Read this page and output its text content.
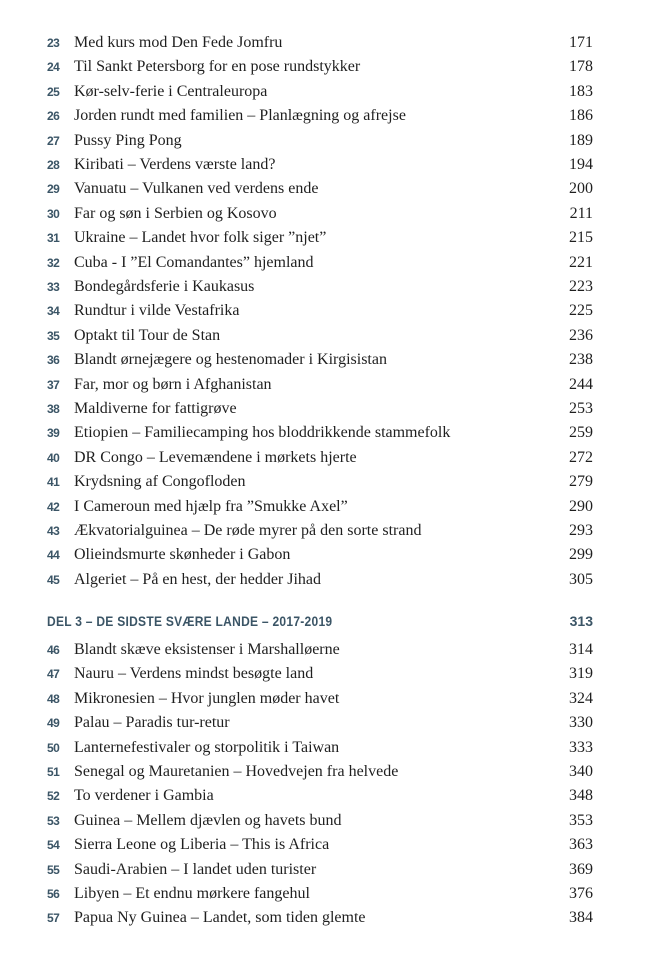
23 Med kurs mod Den Fede Jomfru	171
24 Til Sankt Petersborg for en pose rundstykker	178
25 Kør-selv-ferie i Centraleuropa	183
26 Jorden rundt med familien – Planlægning og afrejse	186
27 Pussy Ping Pong	189
28 Kiribati – Verdens værste land?	194
29 Vanuatu – Vulkanen ved verdens ende	200
30 Far og søn i Serbien og Kosovo	211
31 Ukraine – Landet hvor folk siger ”njet”	215
32 Cuba - I ”El Comandantes” hjemland	221
33 Bondegårdsferie i Kaukasus	223
34 Rundtur i vilde Vestafrika	225
35 Optakt til Tour de Stan	236
36 Blandt ørnejægere og hestenomader i Kirgisistan	238
37 Far, mor og børn i Afghanistan	244
38 Maldiverne for fattigrøve	253
39 Etiopien – Familiecamping hos bloddrikkende stammefolk	259
40 DR Congo – Levemændene i mørkets hjerte	272
41 Krydsning af Congofloden	279
42 I Cameroun med hjælp fra ”Smukke Axel”	290
43 Ækvatorialguinea – De røde myrer på den sorte strand	293
44 Olieindsmurte skønheder i Gabon	299
45 Algeriet – På en hest, der hedder Jihad	305
DEL 3 – DE SIDSTE SVÆRE LANDE – 2017-2019	313
46 Blandt skæve eksistenser i Marshalløerne	314
47 Nauru – Verdens mindst besøgte land	319
48 Mikronesien – Hvor junglen møder havet	324
49 Palau – Paradis tur-retur	330
50 Lanternefestivaler og storpolitik i Taiwan	333
51 Senegal og Mauretanien – Hovedvejen fra helvede	340
52 To verdener i Gambia	348
53 Guinea – Mellem djævlen og havets bund	353
54 Sierra Leone og Liberia – This is Africa	363
55 Saudi-Arabien – I landet uden turister	369
56 Libyen – Et endnu mørkere fangehul	376
57 Papua Ny Guinea – Landet, som tiden glemte	384
